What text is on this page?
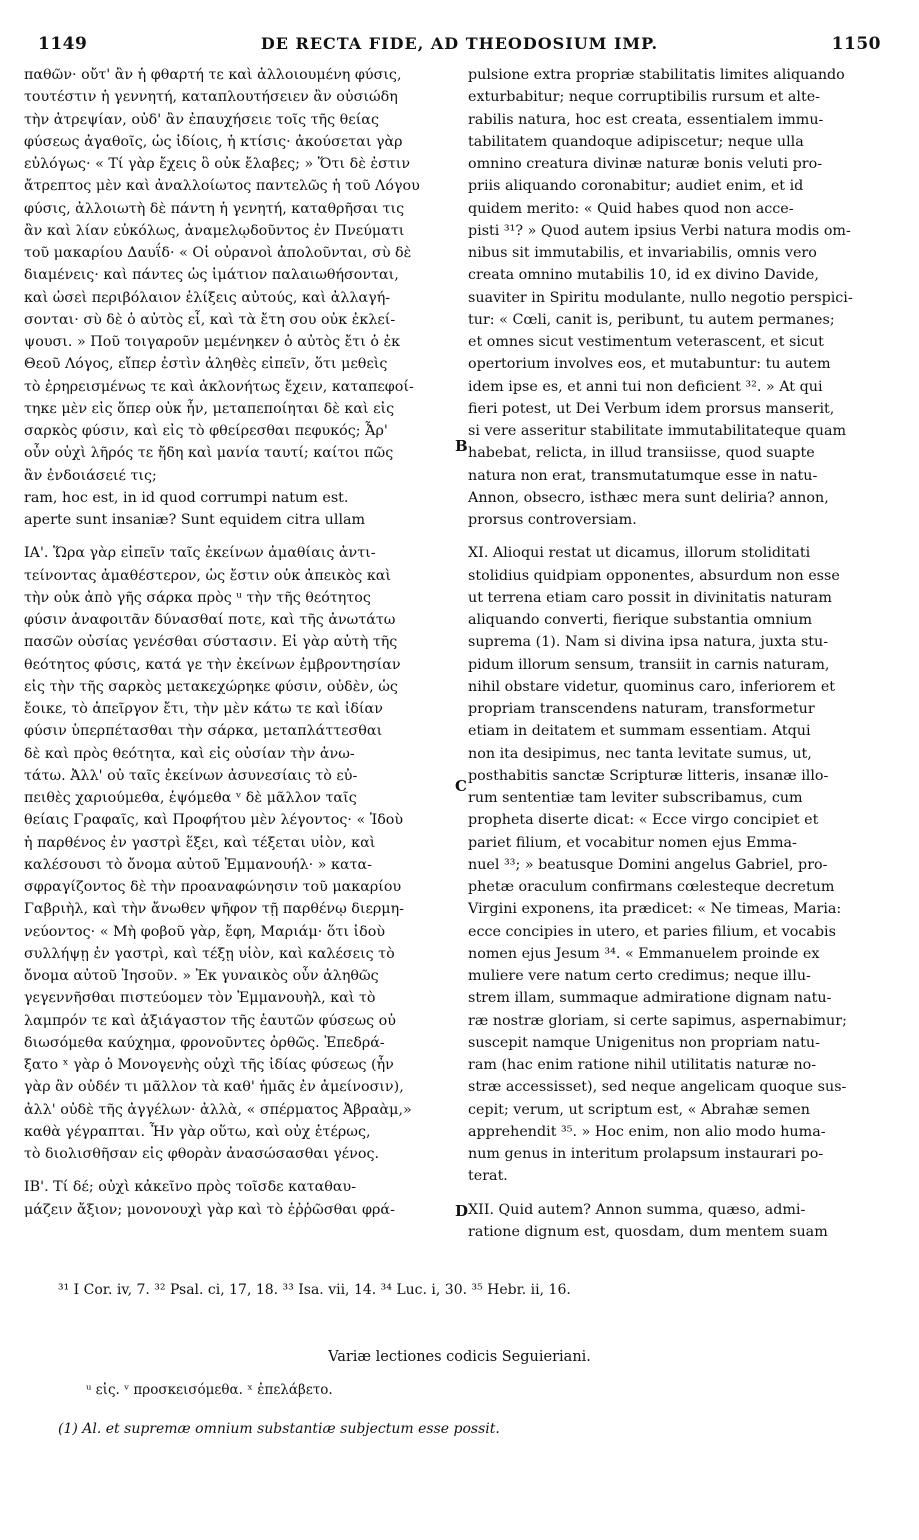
1149	DE RECTA FIDE, AD THEODOSIUM IMP.	1150
παθῶν· οὔτ' ἂν ἡ φθαρτή τε καὶ ἀλλοιουμένη φύσις,
τουτέστιν ἡ γεννητή, καταπλουτήσειεν ἂν οὐσιώδη
τὴν ἀτρεψίαν, οὐδ' ἂν ἐπαυχήσειε τοῖς τῆς θείας
φύσεως ἀγαθοῖς, ὡς ἰδίοις, ἡ κτίσις· ἀκούσεται γὰρ
εὐλόγως· « Τί γὰρ ἔχεις ὃ οὐκ ἔλαβες; » Ὅτι δὲ ἐστιν
ἄτρεπτος μὲν καὶ ἀναλλοίωτος παντελῶς ἡ τοῦ Λόγου
φύσις, ἀλλοιωτὴ δὲ πάντη ἡ γενητή, καταθρῆσαι τις
ἂν καὶ λίαν εὐκόλως, ἀναμελῳδοῦντος ἐν Πνεύματι
τοῦ μακαρίου Δαυΐδ· « Οἱ οὐρανοὶ ἀπολοῦνται, σὺ δὲ
διαμένεις· καὶ πάντες ὡς ἱμάτιον παλαιωθήσονται,
καὶ ὡσεὶ περιβόλαιον ἑλίξεις αὐτούς, καὶ ἀλλαγή-
σονται· σὺ δὲ ὁ αὐτὸς εἶ, καὶ τὰ ἔτη σου οὐκ ἐκλεί-
ψουσι. » Ποῦ τοιγαροῦν μεμένηκεν ὁ αὐτὸς ἔτι ὁ ἐκ
Θεοῦ Λόγος, εἴπερ ἐστὶν ἀληθὲς εἰπεῖν, ὅτι μεθεὶς
τὸ ἐρηρεισμένως τε καὶ ἀκλονήτως ἔχειν, καταπεφοί-
τηκε μὲν εἰς ὅπερ οὐκ ἦν, μεταπεποίηται δὲ καὶ εἰς
σαρκὸς φύσιν, καὶ εἰς τὸ φθείρεσθαι πεφυκός; Ἆρ'
οὖν οὐχὶ λῆρός τε ἤδη καὶ μανία ταυτί; καίτοι πῶς
ἂν ἐνδοιάσειέ τις;
ram, hoc est, in id quod corrumpi natum est.
aperte sunt insaniæ? Sunt equidem citra ullam
ΙΑ'. Ὥρα γὰρ εἰπεῖν ταῖς ἐκείνων ἀμαθίαις ἀντι-
τείνοντας ἀμαθέστερον, ὡς ἔστιν οὐκ ἀπεικὸς καὶ
τὴν οὐκ ἀπὸ γῆς σάρκα πρὸς ᵘ τὴν τῆς θεότητος
φύσιν ἀναφοιτᾶν δύνασθαί ποτε, καὶ τῆς ἀνωτάτω
πασῶν οὐσίας γενέσθαι σύστασιν. Εἰ γὰρ αὐτὴ τῆς
θεότητος φύσις, κατά γε τὴν ἐκείνων ἐμβροντησίαν
εἰς τὴν τῆς σαρκὸς μετακεχώρηκε φύσιν, οὐδὲν, ὡς
ἔοικε, τὸ ἀπεῖργον ἔτι, τὴν μὲν κάτω τε καὶ ἰδίαν
φύσιν ὑπερπέτασθαι τὴν σάρκα, μεταπλάττεσθαι
δὲ καὶ πρὸς θεότητα, καὶ εἰς οὐσίαν τὴν ἀνω-
τάτω. Ἀλλ' οὐ ταῖς ἐκείνων ἀσυνεσίαις τὸ εὐ-
πειθὲς χαριούμεθα, ἑψόμεθα ᵛ δὲ μᾶλλον ταῖς
θείαις Γραφαῖς, καὶ Προφήτου μὲν λέγοντος· « Ἰδοὺ
ἡ παρθένος ἐν γαστρὶ ἕξει, καὶ τέξεται υἱὸν, καὶ
καλέσουσι τὸ ὄνομα αὐτοῦ Ἐμμανουήλ· » κατα-
σφραγίζοντος δὲ τὴν προαναφώνησιν τοῦ μακαρίου
Γαβριὴλ, καὶ τὴν ἄνωθεν ψῆφον τῇ παρθένῳ διερμη-
νεύοντος· « Μὴ φοβοῦ γὰρ, ἔφη, Μαριάμ· ὅτι ἰδοὺ
συλλήψῃ ἐν γαστρὶ, καὶ τέξῃ υἱὸν, καὶ καλέσεις τὸ
ὄνομα αὐτοῦ Ἰησοῦν. » Ἐκ γυναικὸς οὖν ἀληθῶς
γεγεννῆσθαι πιστεύομεν τὸν Ἐμμανουὴλ, καὶ τὸ
λαμπρόν τε καὶ ἀξιάγαστον τῆς ἑαυτῶν φύσεως οὐ
διωσόμεθα καύχημα, φρονοῦντες ὀρθῶς. Ἐπεδρά-
ξατο ˣ γὰρ ὁ Μονογενὴς οὐχὶ τῆς ἰδίας φύσεως (ἦν
γὰρ ἂν οὐδέν τι μᾶλλον τὰ καθ' ἡμᾶς ἐν ἀμείνοσιν),
ἀλλ' οὐδὲ τῆς ἀγγέλων· ἀλλὰ, « σπέρματος Ἀβραὰμ,»
καθὰ γέγραπται. Ἦν γὰρ οὕτω, καὶ οὐχ ἑτέρως,
τὸ διολισθῆσαν εἰς φθορὰν ἀνασώσασθαι γένος.
ΙΒ'. Τί δέ; οὐχὶ κἀκεῖνο πρὸς τοῖσδε καταθαυ-
μάζειν ἄξιον; μονονουχὶ γὰρ καὶ τὸ ἐῤῥῶσθαι φρά-
pulsione extra propriæ stabilitatis limites aliquando
exturbabitur; neque corruptibilis rursum et alte-
rabilis natura, hoc est creata, essentialem immu-
tabilitatem quandoque adipiscetur; neque ulla
omnino creatura divinæ naturæ bonis veluti pro-
priis aliquando coronabitur; audiet enim, et id
quidem merito: « Quid habes quod non acce-
pisti ³¹? » Quod autem ipsius Verbi natura modis om-
nibus sit immutabilis, et invariabilis, omnis vero
creata omnino mutabilis 10, id ex divino Davide,
suaviter in Spiritu modulante, nullo negotio perspici-
tur: « Cœli, canit is, peribunt, tu autem permanes;
et omnes sicut vestimentum veterascent, et sicut
opertorium involves eos, et mutabuntur: tu autem
idem ipse es, et anni tui non deficient ³². » At qui
fieri potest, ut Dei Verbum idem prorsus manserit,
si vere asseritur stabilitate immutabilitateque quam
habebat, relicta, in illud transiisse, quod suapte
natura non erat, transmutatumque esse in natu-
Annon, obsecro, isthæc mera sunt deliria? annon,
prorsus controversiam.
XI. Alioqui restat ut dicamus, illorum stoliditati
stolidius quidpiam opponentes, absurdum non esse
ut terrena etiam caro possit in divinitatis naturam
aliquando converti, fierique substantia omnium
suprema (1). Nam si divina ipsa natura, juxta stu-
pidum illorum sensum, transiit in carnis naturam,
nihil obstare videtur, quominus caro, inferiorem et
propriam transcendens naturam, transformetur
etiam in deitatem et summam essentiam. Atqui
non ita desipimus, nec tanta levitate sumus, ut,
posthabitis sanctæ Scripturæ litteris, insanæ illo-
rum sententiæ tam leviter subscribamus, cum
propheta diserte dicat: « Ecce virgo concipiet et
pariet filium, et vocabitur nomen ejus Emma-
nuel ³³; » beatusque Domini angelus Gabriel, pro-
phetæ oraculum confirmans cœlesteque decretum
Virgini exponens, ita prædicet: « Ne timeas, Maria:
ecce concipies in utero, et paries filium, et vocabis
nomen ejus Jesum ³⁴. « Emmanuelem proinde ex
muliere vere natum certo credimus; neque illu-
strem illam, summaque admiratione dignam natu-
ræ nostræ gloriam, si certe sapimus, aspernabimur;
suscepit namque Unigenitus non propriam natu-
ram (hac enim ratione nihil utilitatis naturæ no-
stræ accessisset), sed neque angelicam quoque sus-
cepit; verum, ut scriptum est, « Abrahæ semen
apprehendit ³⁵. » Hoc enim, non alio modo huma-
num genus in interitum prolapsum instaurari po-
terat.
XII. Quid autem? Annon summa, quæso, admi-
ratione dignum est, quosdam, dum mentem suam
B
C
D
³¹ I Cor. iv, 7. ³² Psal. ci, 17, 18. ³³ Isa. vii, 14. ³⁴ Luc. i, 30. ³⁵ Hebr. ii, 16.
Variæ lectiones codicis Seguieriani.
ᵘ εἰς. ᵛ προσκεισόμεθα. ˣ ἐπελάβετο.
(1) Al. et supremæ omnium substantiæ subjectum esse possit.
